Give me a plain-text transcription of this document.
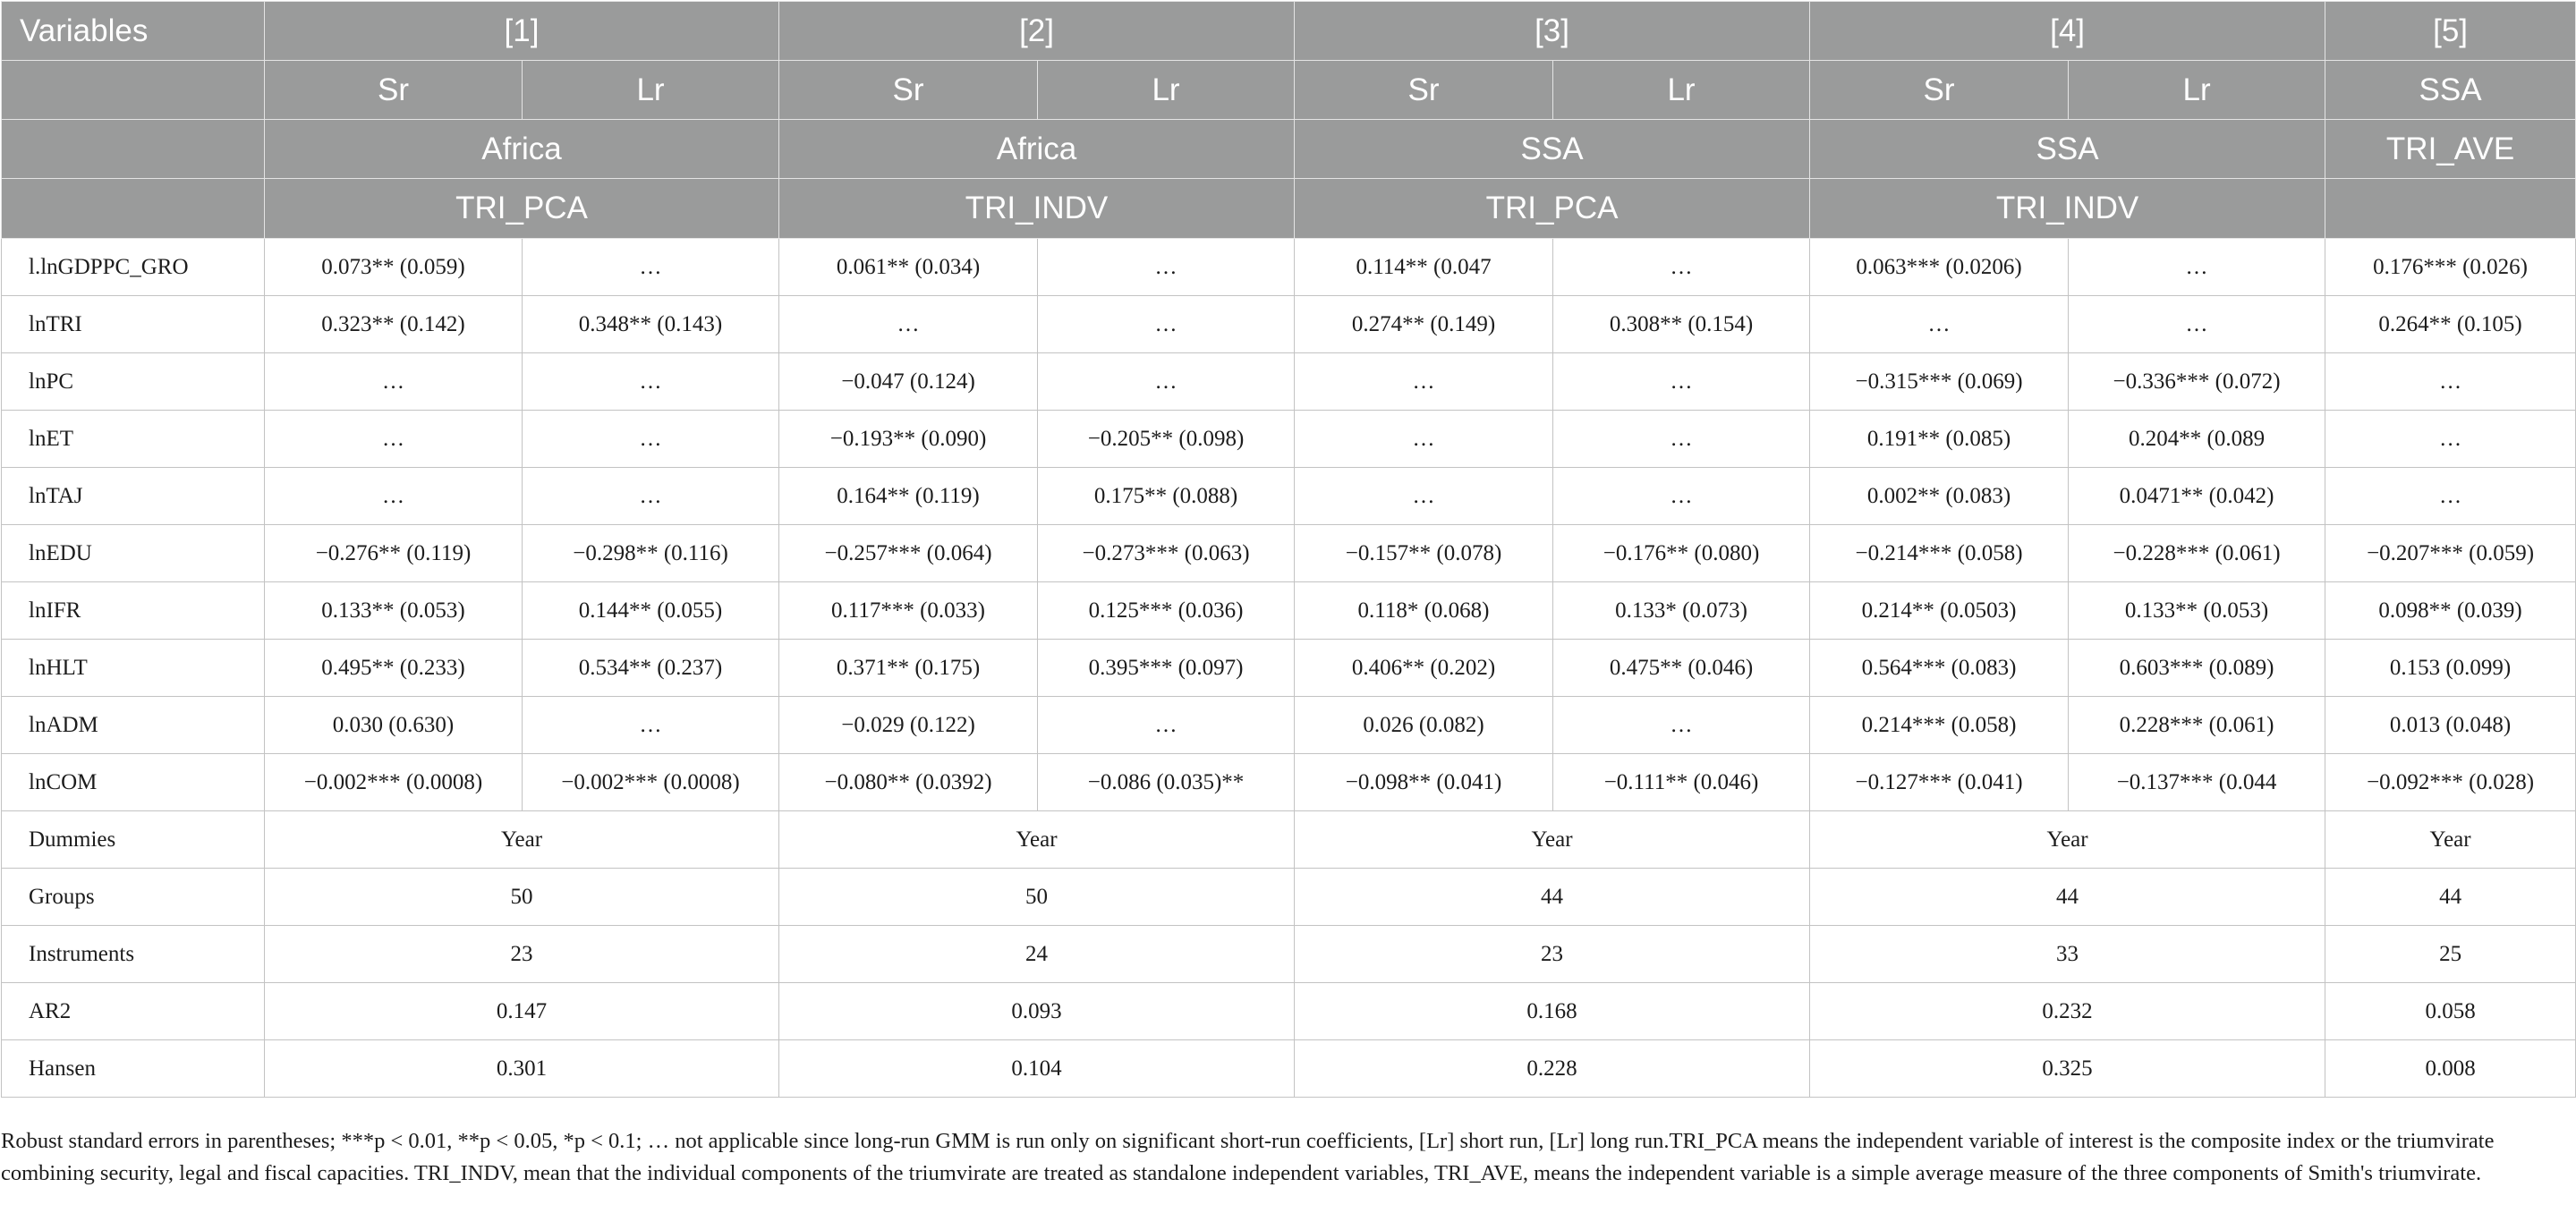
Variables	[1]		[2]		[3]		[4]		[5]
	Sr	Lr	Sr	Lr	Sr	Lr	Sr	Lr	SSA
	Africa		Africa		SSA		SSA		TRI_AVE
	TRI_PCA		TRI_INDV		TRI_PCA		TRI_INDV		
l.lnGDPPC_GRO	0.073** (0.059)	…	0.061** (0.034)	…	0.114** (0.047	…	0.063*** (0.0206)	…	0.176*** (0.026)
lnTRI	0.323** (0.142)	0.348** (0.143)	…	…	0.274** (0.149)	0.308** (0.154)	…	…	0.264** (0.105)
lnPC	…	…	−0.047 (0.124)	…	…	…	−0.315*** (0.069)	−0.336*** (0.072)	…
lnET	…	…	−0.193** (0.090)	−0.205** (0.098)	…	…	0.191** (0.085)	0.204** (0.089	…
lnTAJ	…	…	0.164** (0.119)	0.175** (0.088)	…	…	0.002** (0.083)	0.0471** (0.042)	…
lnEDU	−0.276** (0.119)	−0.298** (0.116)	−0.257*** (0.064)	−0.273*** (0.063)	−0.157** (0.078)	−0.176** (0.080)	−0.214*** (0.058)	−0.228*** (0.061)	−0.207*** (0.059)
lnIFR	0.133** (0.053)	0.144** (0.055)	0.117*** (0.033)	0.125*** (0.036)	0.118* (0.068)	0.133* (0.073)	0.214** (0.0503)	0.133** (0.053)	0.098** (0.039)
lnHLT	0.495** (0.233)	0.534** (0.237)	0.371** (0.175)	0.395*** (0.097)	0.406** (0.202)	0.475** (0.046)	0.564*** (0.083)	0.603*** (0.089)	0.153 (0.099)
lnADM	0.030 (0.630)	…	−0.029 (0.122)	…	0.026 (0.082)	…	0.214*** (0.058)	0.228*** (0.061)	0.013 (0.048)
lnCOM	−0.002*** (0.0008)	−0.002*** (0.0008)	−0.080** (0.0392)	−0.086 (0.035)**	−0.098** (0.041)	−0.111** (0.046)	−0.127*** (0.041)	−0.137*** (0.044	−0.092*** (0.028)
Dummies	Year		Year		Year		Year		Year
Groups	50		50		44		44		44
Instruments	23		24		23		33		25
AR2	0.147		0.093		0.168		0.232		0.058
Hansen	0.301		0.104		0.228		0.325		0.008
Robust standard errors in parentheses; ***p < 0.01, **p < 0.05, *p < 0.1; … not applicable since long-run GMM is run only on significant short-run coefficients, [Lr] short run, [Lr] long run.TRI_PCA means the independent variable of interest is the composite index or the triumvirate combining security, legal and fiscal capacities. TRI_INDV, mean that the individual components of the triumvirate are treated as standalone independent variables, TRI_AVE, means the independent variable is a simple average measure of the three components of Smith's triumvirate.
